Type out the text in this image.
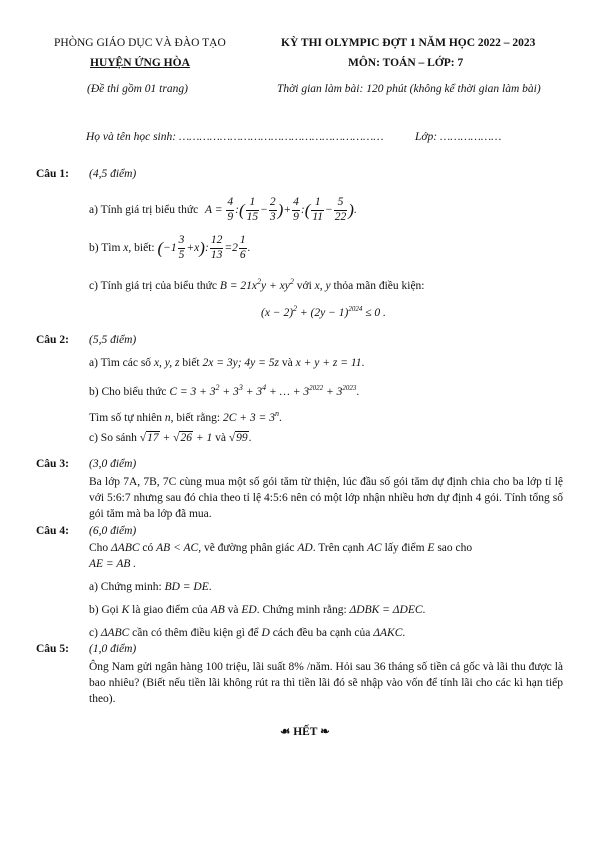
PHÒNG GIÁO DỤC VÀ ĐÀO TẠO
HUYỆN ỨNG HÒA
(Đề thi gồm 01 trang)
KỲ THI OLYMPIC ĐỢT 1 NĂM HỌC 2022 – 2023
MÔN: TOÁN – LỚP: 7
Thời gian làm bài: 120 phút (không kể thời gian làm bài)
Họ và tên học sinh: ……………………………………………………	Lớp: ………………
Câu 1: (4,5 điểm)
a) Tính giá trị biểu thức $A = \frac{4}{9}$ :( $\frac{1}{15} - \frac{2}{3}$ )+ $\frac{4}{9}$ :( $\frac{1}{11} - \frac{5}{22}$ ).
b) Tìm x, biết: $(-1 \frac{3}{5} +x)$: $\frac{12}{13} =2 \frac{1}{6}$ .
c) Tính giá trị của biểu thức $B = 21x^2y + xy^2$ với x, y thỏa mãn điều kiện:
$(x - 2)^2 + (2y - 1)^{2024} \le 0$ .
Câu 2: (5,5 điểm)
a) Tìm các số x, y, z biết 2x = 3y; 4y = 5z và x + y + z = 11.
b) Cho biểu thức $C = 3 + 3^2 + 3^3 + 3^4$ + … + $3^{2022} + 3^{2023}$.
Tìm số tự nhiên n, biết rằng: $2C + 3 = 3^n$.
c) So sánh √17 + √26 + 1 và √99.
Câu 3: (3,0 điểm)
Ba lớp 7A, 7B, 7C cùng mua một số gói tăm từ thiện, lúc đầu số gói tăm dự định chia cho ba lớp tỉ lệ với 5:6:7 nhưng sau đó chia theo tỉ lệ 4:5:6 nên có một lớp nhận nhiều hơn dự định 4 gói. Tính tổng số gói tăm mà ba lớp đã mua.
Câu 4: (6,0 điểm)
Cho ΔABC có AB < AC, vẽ đường phân giác AD. Trên cạnh AC lấy điểm E sao cho
AE = AB .
a) Chứng minh: BD = DE.
b) Gọi K là giao điểm của AB và ED. Chứng minh rằng: ΔDBK = ΔDEC.
c) ΔABC cần có thêm điều kiện gì để D cách đều ba cạnh của ΔAKC.
Câu 5: (1,0 điểm)
Ông Nam gửi ngân hàng 100 triệu, lãi suất 8% /năm. Hỏi sau 36 tháng số tiền cả gốc và lãi thu được là bao nhiêu? (Biết nếu tiền lãi không rút ra thì tiền lãi đó sẽ nhập vào vốn để tính lãi cho các kì hạn tiếp theo).
☙ HẾT ❧
